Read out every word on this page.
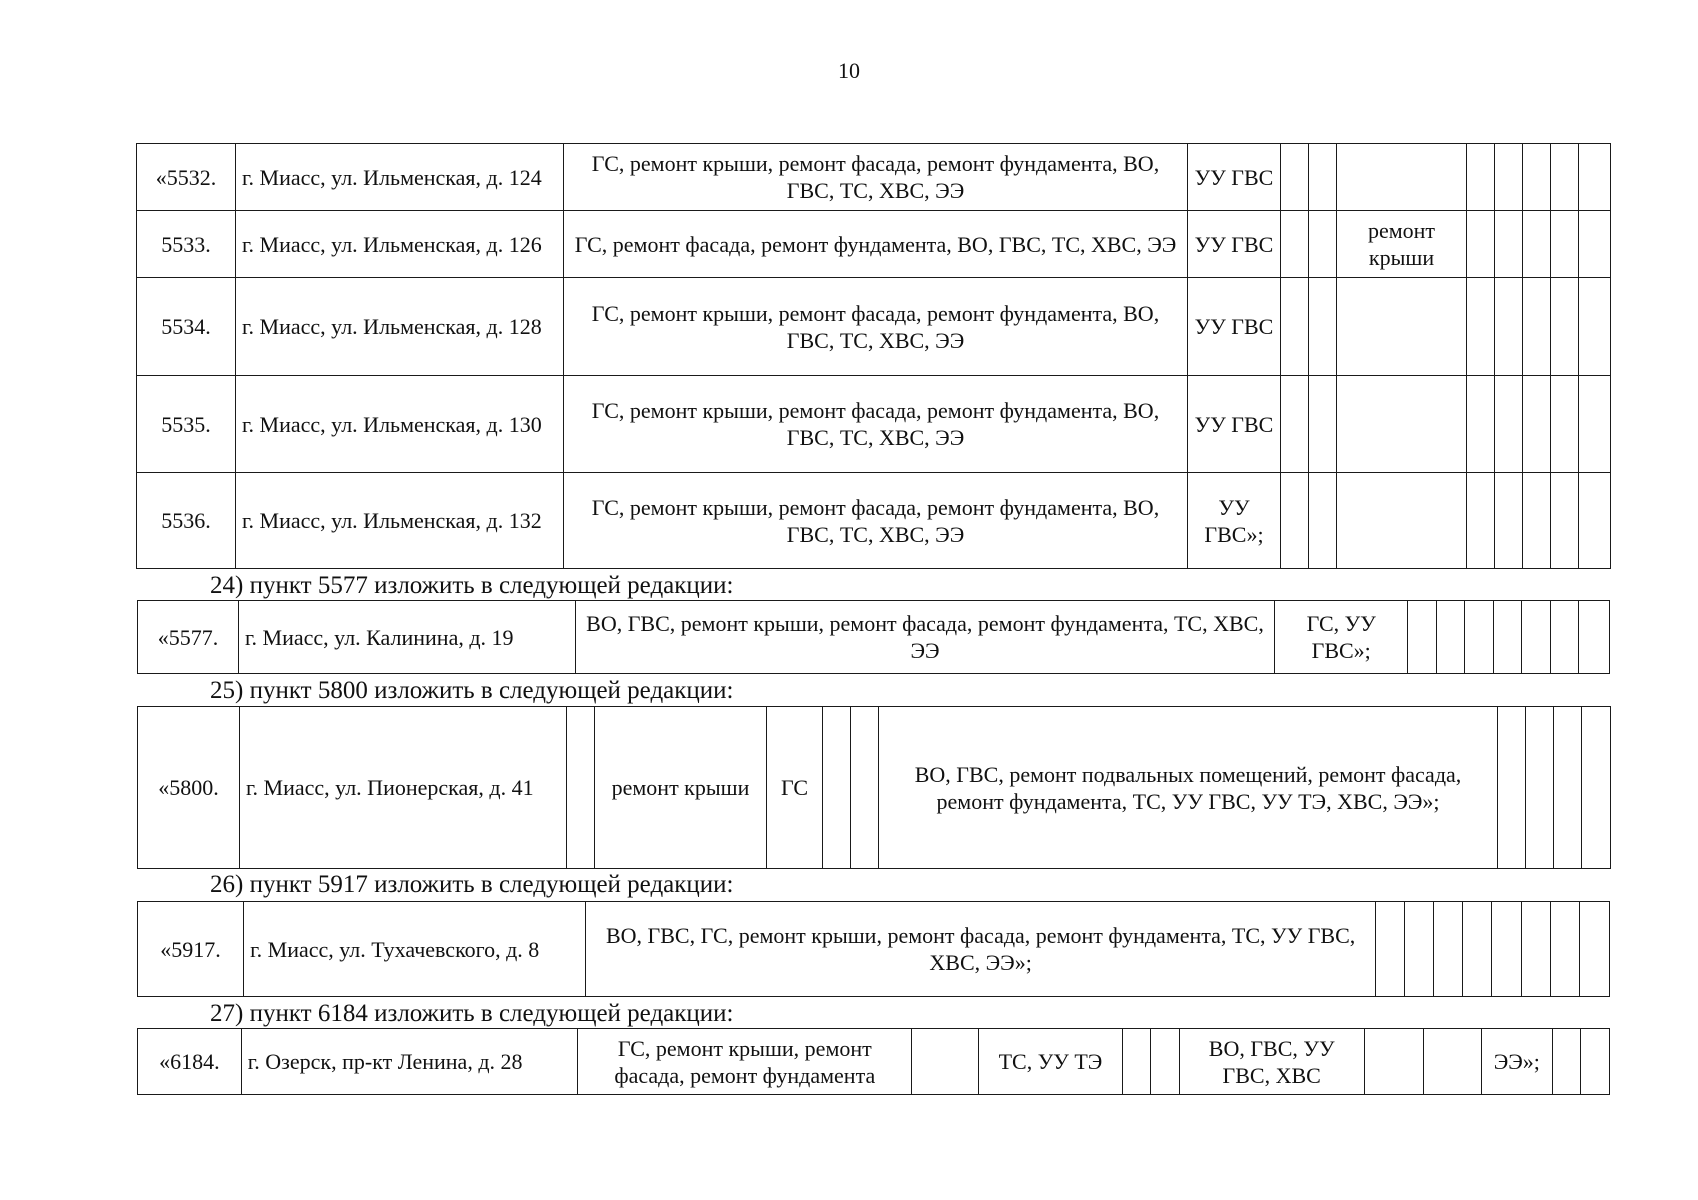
10
«5532.	г. Миасс, ул. Ильменская, д. 124	ГС, ремонт крыши, ремонт фасада, ремонт фундамента, ВО, ГВС, ТС, ХВС, ЭЭ	УУ ГВС								
5533.	г. Миасс, ул. Ильменская, д. 126	ГС, ремонт фасада, ремонт фундамента, ВО, ГВС, ТС, ХВС, ЭЭ	УУ ГВС			ремонт крыши					
5534.	г. Миасс, ул. Ильменская, д. 128	ГС, ремонт крыши, ремонт фасада, ремонт фундамента, ВО, ГВС, ТС, ХВС, ЭЭ	УУ ГВС								
5535.	г. Миасс, ул. Ильменская, д. 130	ГС, ремонт крыши, ремонт фасада, ремонт фундамента, ВО, ГВС, ТС, ХВС, ЭЭ	УУ ГВС								
5536.	г. Миасс, ул. Ильменская, д. 132	ГС, ремонт крыши, ремонт фасада, ремонт фундамента, ВО, ГВС, ТС, ХВС, ЭЭ	УУ ГВС»;								
24) пункт 5577 изложить в следующей редакции:
«5577.	г. Миасс, ул. Калинина, д. 19	ВО, ГВС, ремонт крыши, ремонт фасада, ремонт фундамента, ТС, ХВС, ЭЭ	ГС, УУ ГВС»;							
25) пункт 5800 изложить в следующей редакции:
«5800.	г. Миасс, ул. Пионерская, д. 41		ремонт крыши	ГС			ВО, ГВС, ремонт подвальных помещений, ремонт фасада, ремонт фундамента, ТС, УУ ГВС, УУ ТЭ, ХВС, ЭЭ»;				
26) пункт 5917 изложить в следующей редакции:
«5917.	г. Миасс, ул. Тухачевского, д. 8	ВО, ГВС, ГС, ремонт крыши, ремонт фасада, ремонт фундамента, ТС, УУ ГВС, ХВС, ЭЭ»;								
27) пункт 6184 изложить в следующей редакции:
«6184.	г. Озерск, пр-кт Ленина, д. 28	ГС, ремонт крыши, ремонт фасада, ремонт фундамента		ТС, УУ ТЭ			ВО, ГВС, УУ ГВС, ХВС			ЭЭ»;		
